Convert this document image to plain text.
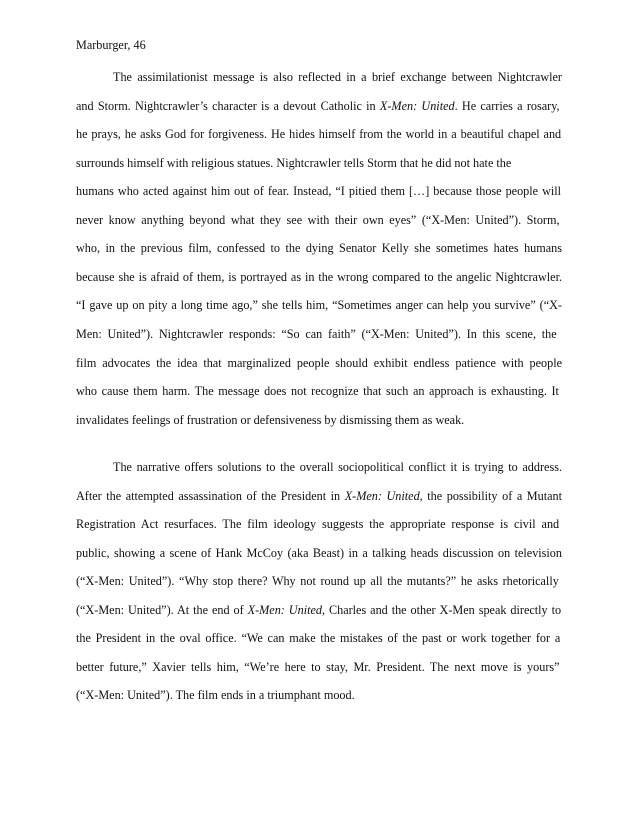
Marburger, 46
The assimilationist message is also reflected in a brief exchange between Nightcrawler
and Storm. Nightcrawler’s character is a devout Catholic in X-Men: United. He carries a rosary,
he prays, he asks God for forgiveness. He hides himself from the world in a beautiful chapel and
surrounds himself with religious statues. Nightcrawler tells Storm that he did not hate the
humans who acted against him out of fear. Instead, “I pitied them […] because those people will
never know anything beyond what they see with their own eyes” (“X-Men: United”). Storm,
who, in the previous film, confessed to the dying Senator Kelly she sometimes hates humans
because she is afraid of them, is portrayed as in the wrong compared to the angelic Nightcrawler.
“I gave up on pity a long time ago,” she tells him, “Sometimes anger can help you survive” (“X-
Men: United”). Nightcrawler responds: “So can faith” (“X-Men: United”). In this scene, the
film advocates the idea that marginalized people should exhibit endless patience with people
who cause them harm. The message does not recognize that such an approach is exhausting. It
invalidates feelings of frustration or defensiveness by dismissing them as weak.
The narrative offers solutions to the overall sociopolitical conflict it is trying to address.
After the attempted assassination of the President in X-Men: United, the possibility of a Mutant
Registration Act resurfaces. The film ideology suggests the appropriate response is civil and
public, showing a scene of Hank McCoy (aka Beast) in a talking heads discussion on television
(“X-Men: United”). “Why stop there? Why not round up all the mutants?” he asks rhetorically
(“X-Men: United”). At the end of X-Men: United, Charles and the other X-Men speak directly to
the President in the oval office. “We can make the mistakes of the past or work together for a
better future,” Xavier tells him, “We’re here to stay, Mr. President. The next move is yours”
(“X-Men: United”). The film ends in a triumphant mood.
